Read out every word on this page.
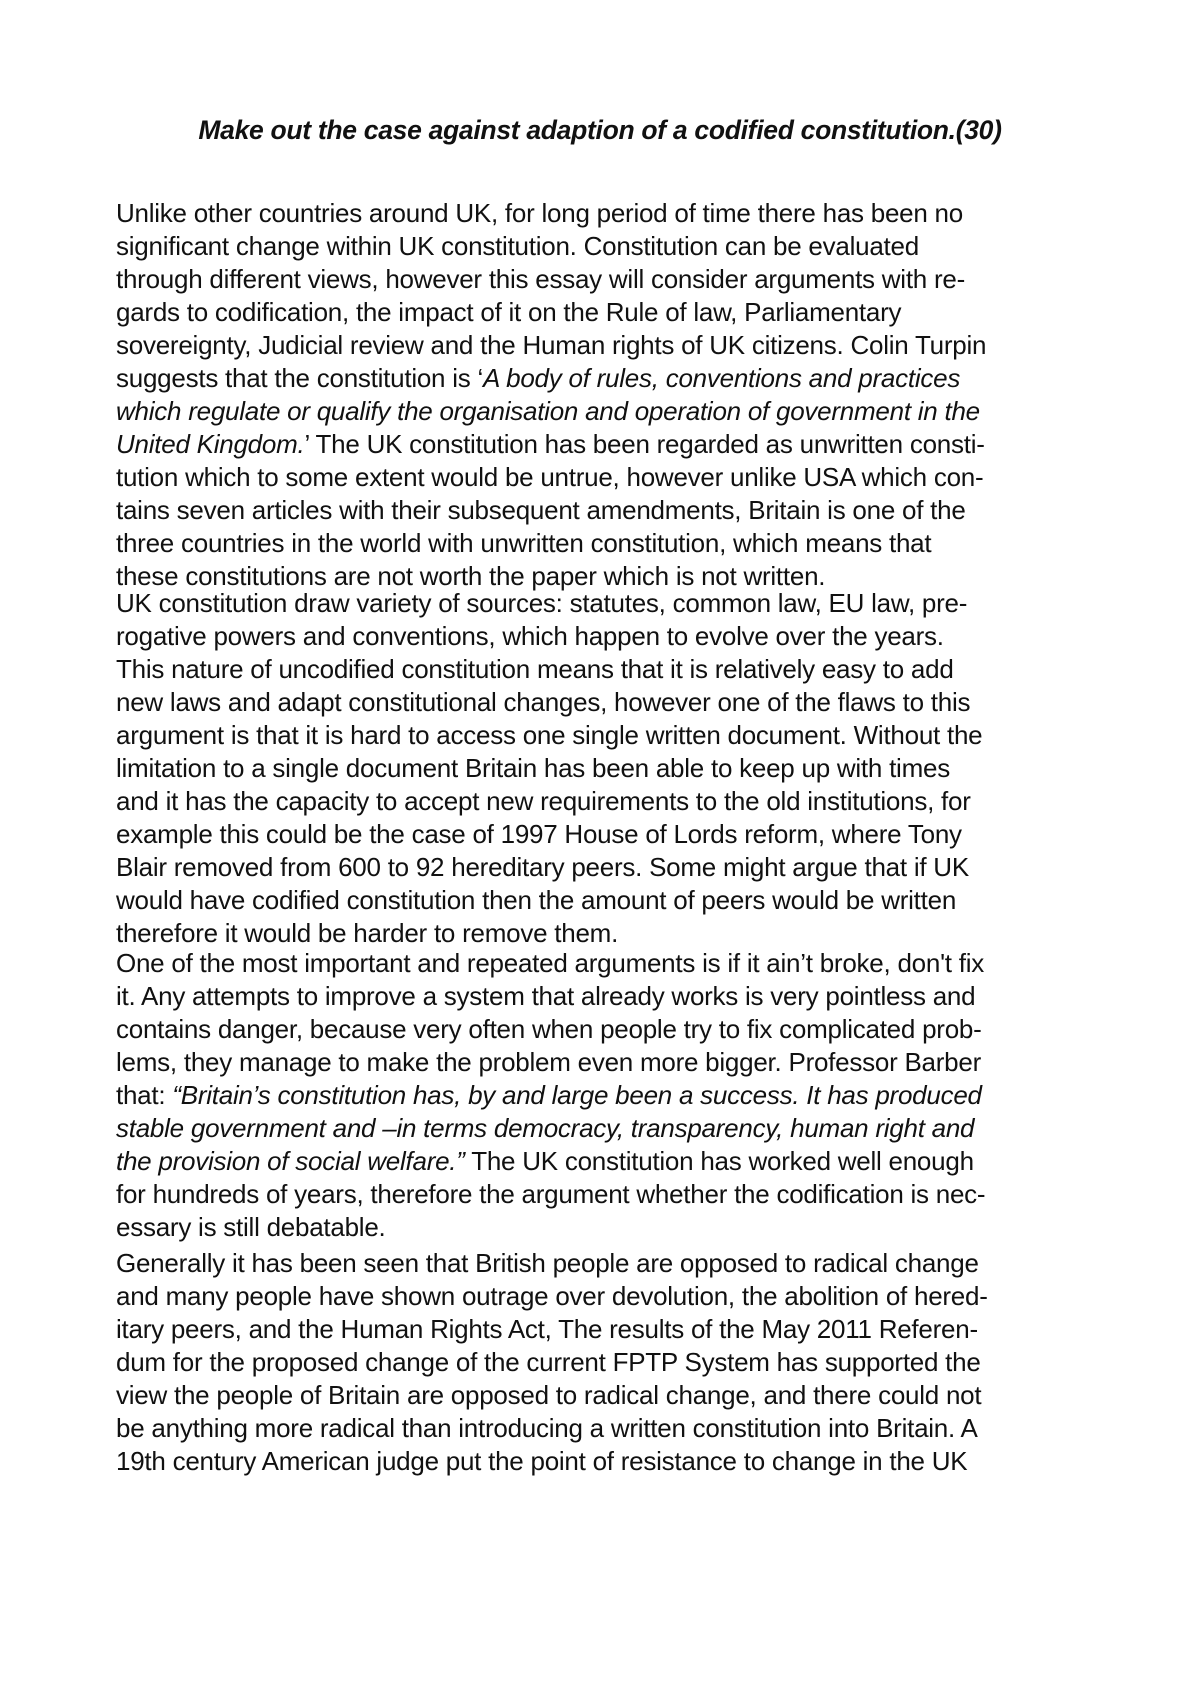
Make out the case against adaption of a codified constitution.(30)

Unlike other countries around UK, for long period of time there has been no
significant change within UK constitution. Constitution can be evaluated
through different views, however this essay will consider arguments with re-
gards to codification, the impact of it on the Rule of law, Parliamentary
sovereignty, Judicial review and the Human rights of UK citizens. Colin Turpin
suggests that the constitution is ‘A body of rules, conventions and practices
which regulate or qualify the organisation and operation of government in the
United Kingdom.’ The UK constitution has been regarded as unwritten consti-
tution which to some extent would be untrue, however unlike USA which con-
tains seven articles with their subsequent amendments, Britain is one of the
three countries in the world with unwritten constitution, which means that
these constitutions are not worth the paper which is not written.

UK constitution draw variety of sources: statutes, common law, EU law, pre-
rogative powers and conventions, which happen to evolve over the years.
This nature of uncodified constitution means that it is relatively easy to add
new laws and adapt constitutional changes, however one of the flaws to this
argument is that it is hard to access one single written document. Without the
limitation to a single document Britain has been able to keep up with times
and it has the capacity to accept new requirements to the old institutions, for
example this could be the case of 1997 House of Lords reform, where Tony
Blair removed from 600 to 92 hereditary peers. Some might argue that if UK
would have codified constitution then the amount of peers would be written
therefore it would be harder to remove them.

One of the most important and repeated arguments is if it ain’t broke, don't fix
it. Any attempts to improve a system that already works is very pointless and
contains danger, because very often when people try to fix complicated prob-
lems, they manage to make the problem even more bigger. Professor Barber
that: “Britain’s constitution has, by and large been a success. It has produced
stable government and –in terms democracy, transparency, human right and
the provision of social welfare.” The UK constitution has worked well enough
for hundreds of years, therefore the argument whether the codification is nec-
essary is still debatable.

Generally it has been seen that British people are opposed to radical change
and many people have shown outrage over devolution, the abolition of hered-
itary peers, and the Human Rights Act, The results of the May 2011 Referen-
dum for the proposed change of the current FPTP System has supported the
view the people of Britain are opposed to radical change, and there could not
be anything more radical than introducing a written constitution into Britain. A
19th century American judge put the point of resistance to change in the UK
